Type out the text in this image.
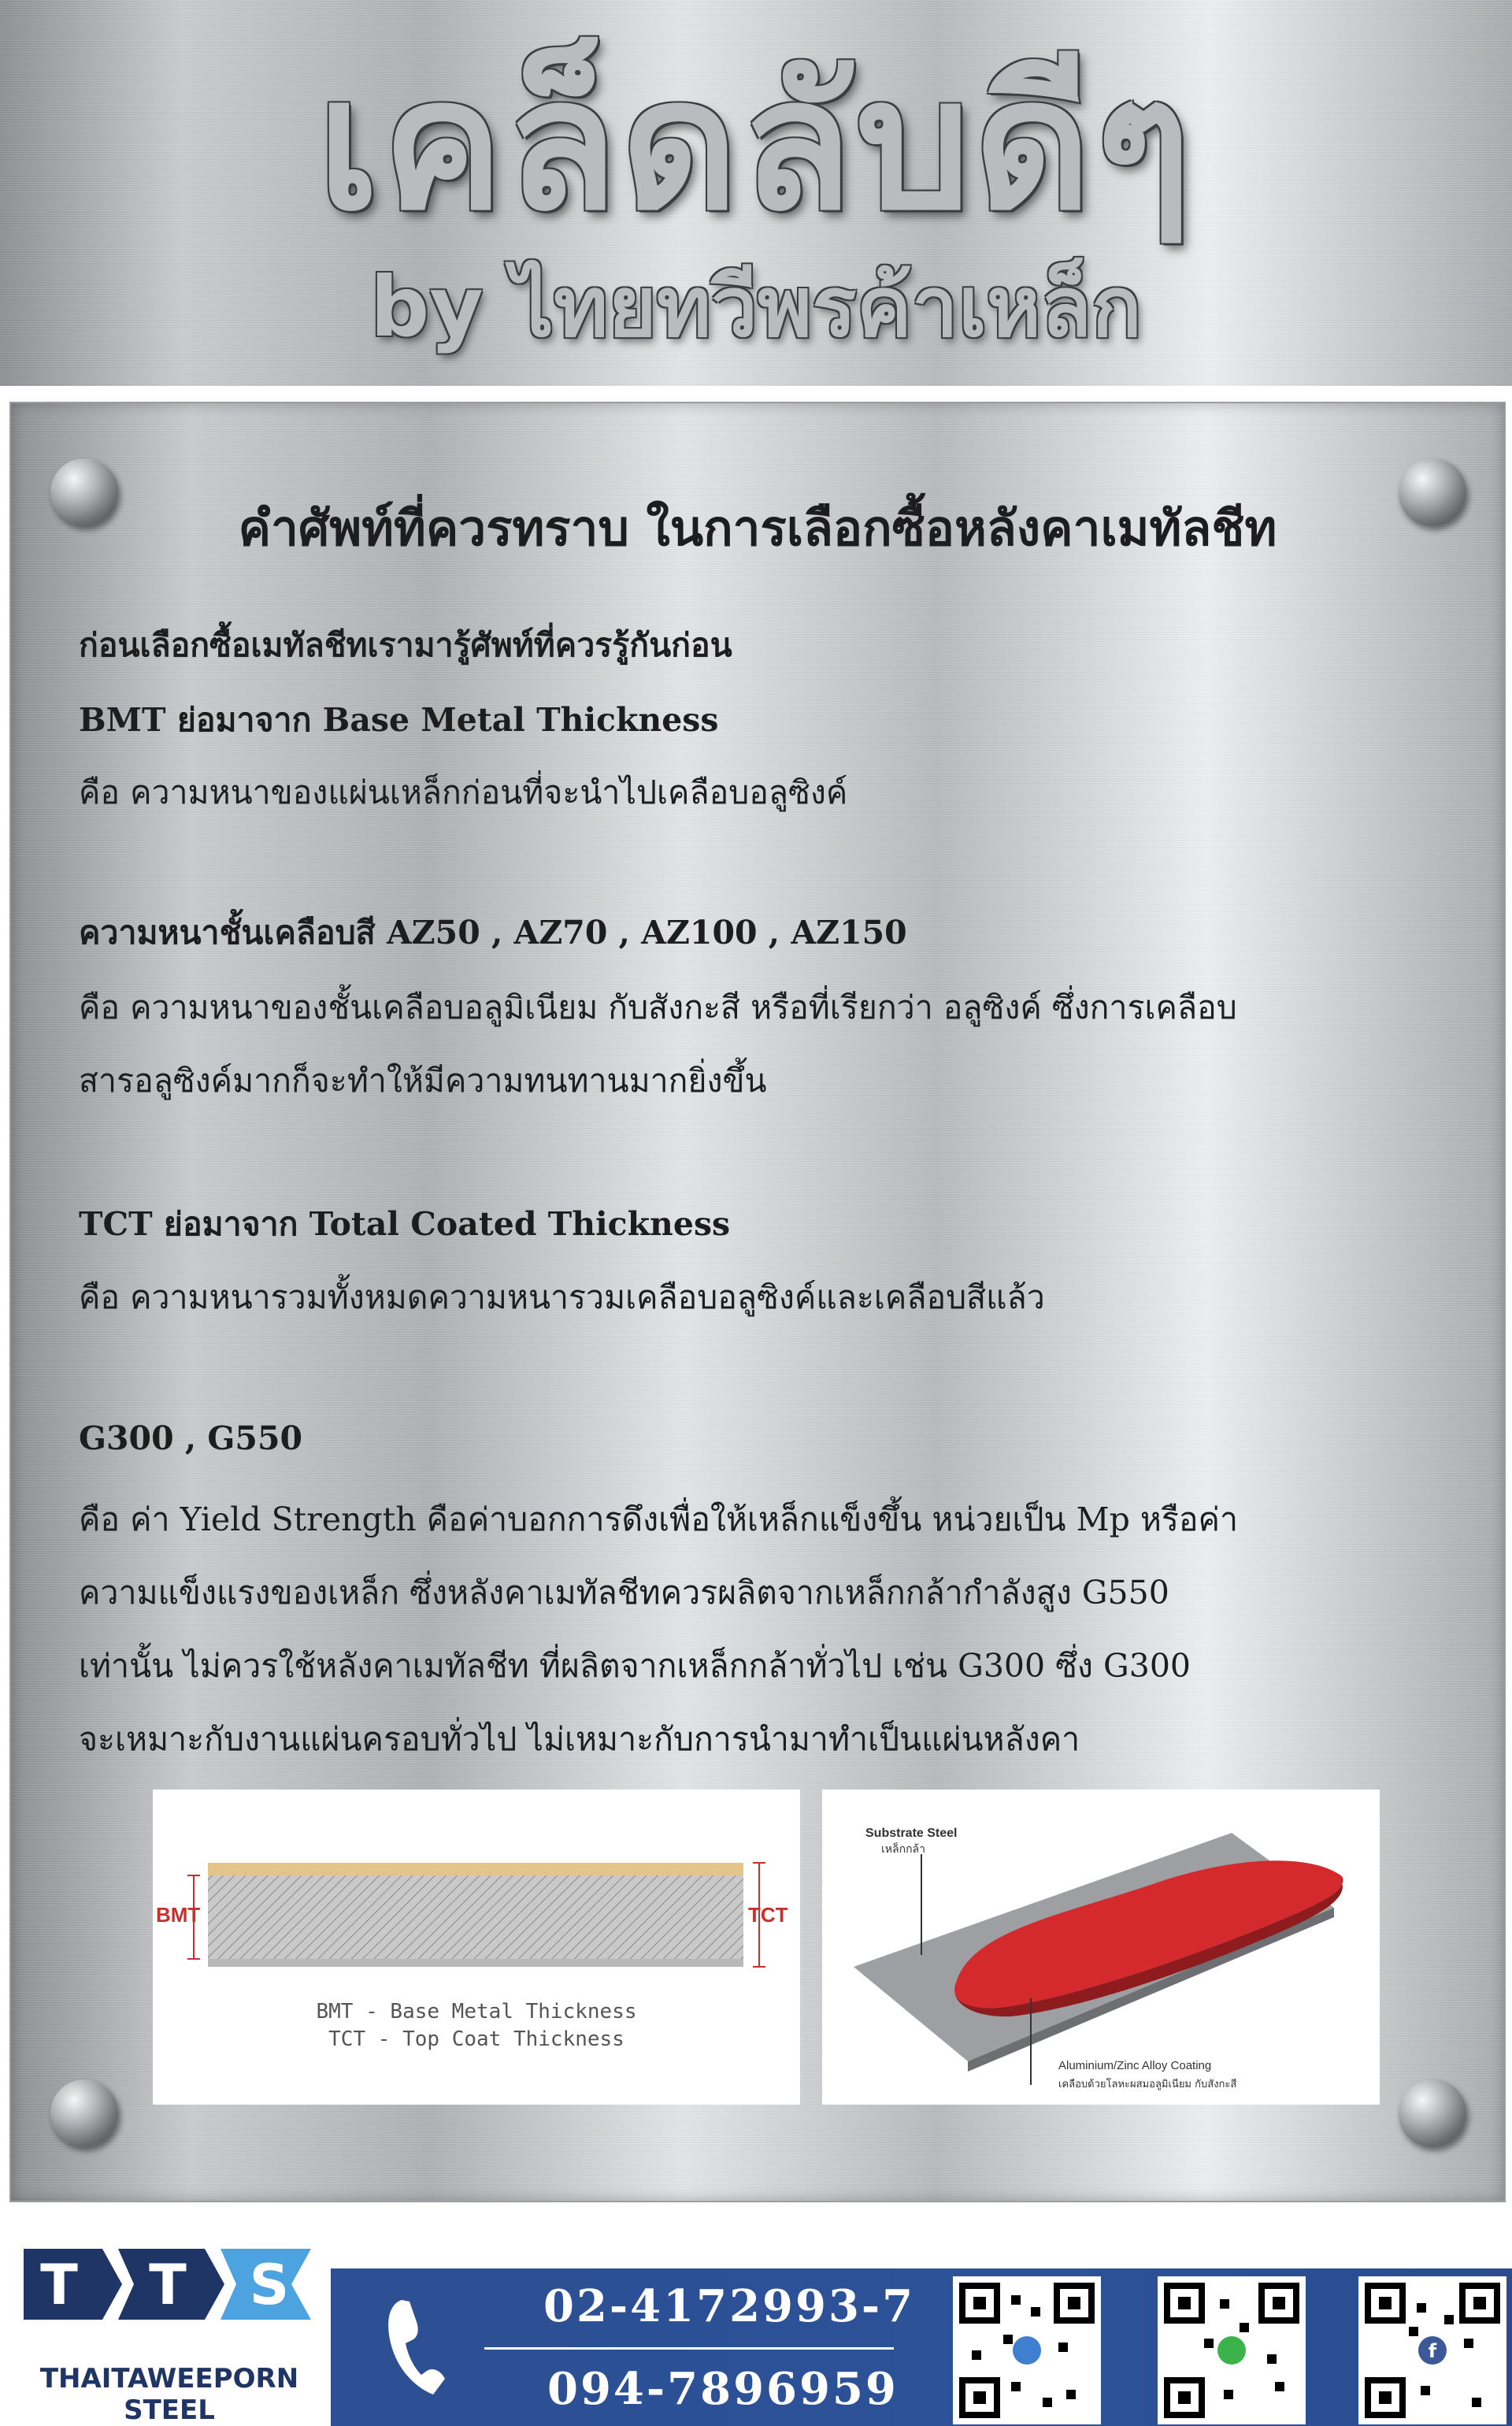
เคล็ดลับดีๆ
by ไทยทวีพรค้าเหล็ก
คำศัพท์ที่ควรทราบ ในการเลือกซื้อหลังคาเมทัลชีท
ก่อนเลือกซื้อเมทัลชีทเรามารู้ศัพท์ที่ควรรู้กันก่อน
BMT ย่อมาจาก Base Metal Thickness
คือ ความหนาของแผ่นเหล็กก่อนที่จะนำไปเคลือบอลูซิงค์
ความหนาชั้นเคลือบสี AZ50 , AZ70 , AZ100 , AZ150
คือ ความหนาของชั้นเคลือบอลูมิเนียม กับสังกะสี หรือที่เรียกว่า อลูซิงค์ ซึ่งการเคลือบ
สารอลูซิงค์มากก็จะทำให้มีความทนทานมากยิ่งขึ้น
TCT ย่อมาจาก Total Coated Thickness
คือ ความหนารวมทั้งหมดความหนารวมเคลือบอลูซิงค์และเคลือบสีแล้ว
G300 , G550
คือ ค่า Yield Strength คือค่าบอกการดึงเพื่อให้เหล็กแข็งขึ้น หน่วยเป็น Mp หรือค่า
ความแข็งแรงของเหล็ก ซึ่งหลังคาเมทัลชีทควรผลิตจากเหล็กกล้ากำลังสูง G550
เท่านั้น ไม่ควรใช้หลังคาเมทัลชีท ที่ผลิตจากเหล็กกล้าทั่วไป เช่น G300 ซึ่ง G300
จะเหมาะกับงานแผ่นครอบทั่วไป ไม่เหมาะกับการนำมาทำเป็นแผ่นหลังคา
BMT	TCT
BMT - Base Metal Thickness
TCT - Top Coat Thickness
Substrate Steel
เหล็กกล้า
Aluminium/Zinc Alloy Coating
เคลือบด้วยโลหะผสมอลูมิเนียม กับสังกะสี
T T S
THAITAWEEPORN
STEEL
02-4172993-7
094-7896959
f
